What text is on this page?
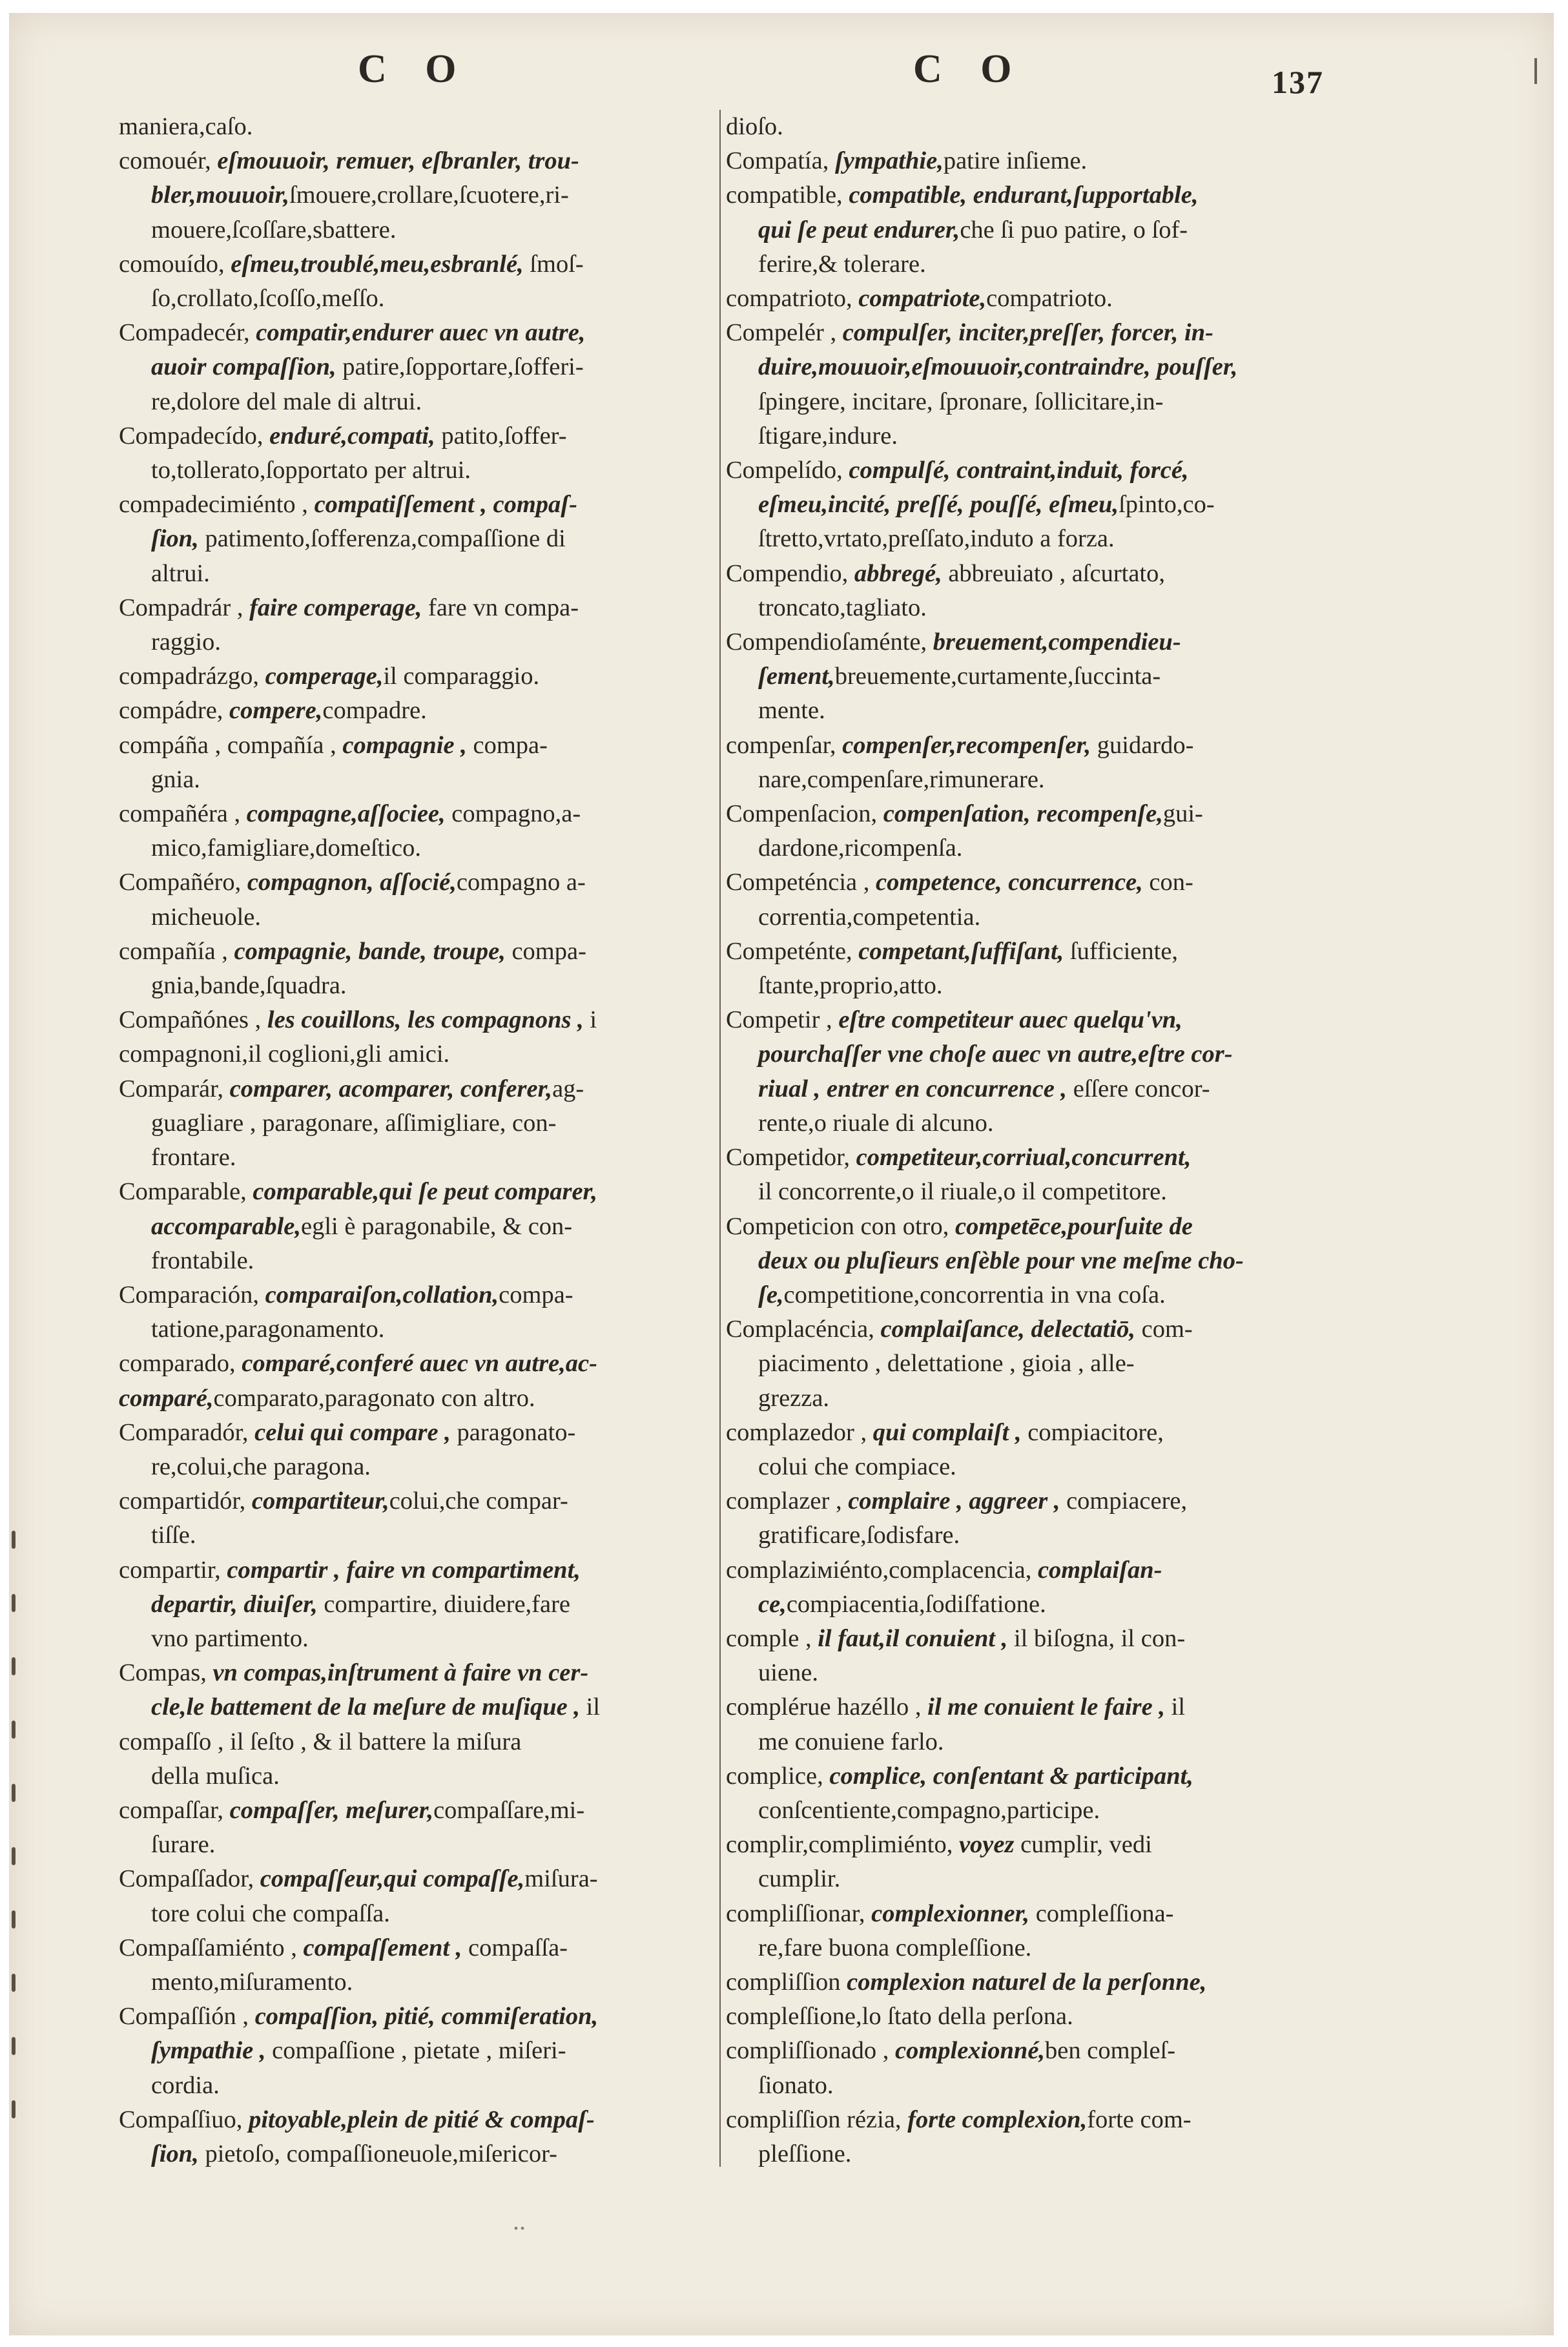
C O	C O	137
maniera,caſo.
comouér, eſmouuoir, remuer, eſbranler, trou-
bler,mouuoir,ſmouere,crollare,ſcuotere,ri-
mouere,ſcoſſare,sbattere.
comouído, eſmeu,troublé,meu,esbranlé, ſmoſ-
ſo,crollato,ſcoſſo,meſſo.
Compadecér, compatir,endurer auec vn autre,
auoir compaſſion, patire,ſopportare,ſofferi-
re,dolore del male di altrui.
Compadecído, enduré,compati, patito,ſoffer-
to,tollerato,ſopportato per altrui.
compadecimiénto , compatiſſement , compaſ-
ſion, patimento,ſofferenza,compaſſione di
altrui.
Compadrár , faire comperage, fare vn compa-
raggio.
compadrázgo, comperage,il comparaggio.
compádre, compere,compadre.
compáña , compañía , compagnie , compa-
gnia.
compañéra , compagne,aſſociee, compagno,a-
mico,famigliare,domeſtico.
Compañéro, compagnon, aſſocié,compagno a-
micheuole.
compañía , compagnie, bande, troupe, compa-
gnia,bande,ſquadra.
Compañónes , les couillons, les compagnons , i
compagnoni,il coglioni,gli amici.
Comparár, comparer, acomparer, conferer,ag-
guagliare , paragonare, aſſimigliare, con-
frontare.
Comparable, comparable,qui ſe peut comparer,
accomparable,egli è paragonabile, & con-
frontabile.
Comparación, comparaiſon,collation,compa-
tatione,paragonamento.
comparado, comparé,conferé auec vn autre,ac-
comparé,comparato,paragonato con altro.
Comparadór, celui qui compare , paragonato-
re,colui,che paragona.
compartidór, compartiteur,colui,che compar-
tiſſe.
compartir, compartir , faire vn compartiment,
departir, diuiſer, compartire, diuidere,fare
vno partimento.
Compas, vn compas,inſtrument à faire vn cer-
cle,le battement de la meſure de muſique , il
compaſſo , il ſeſto , & il battere la miſura
della muſica.
compaſſar, compaſſer, meſurer,compaſſare,mi-
ſurare.
Compaſſador, compaſſeur,qui compaſſe,miſura-
tore colui che compaſſa.
Compaſſamiénto , compaſſement , compaſſa-
mento,miſuramento.
Compaſſión , compaſſion, pitié, commiſeration,
ſympathie , compaſſione , pietate , miſeri-
cordia.
Compaſſiuo, pitoyable,plein de pitié & compaſ-
ſion, pietoſo, compaſſioneuole,miſericor-
dioſo.
Compatía, ſympathie,patire inſieme.
compatible, compatible, endurant,ſupportable,
qui ſe peut endurer,che ſi puo patire, o ſof-
ferire,& tolerare.
compatrioto, compatriote,compatrioto.
Compelér , compulſer, inciter,preſſer, forcer, in-
duire,mouuoir,eſmouuoir,contraindre, pouſſer,
ſpingere, incitare, ſpronare, ſollicitare,in-
ſtigare,indure.
Compelído, compulſé, contraint,induit, forcé,
eſmeu,incité, preſſé, pouſſé, eſmeu,ſpinto,co-
ſtretto,vrtato,preſſato,induto a forza.
Compendio, abbregé, abbreuiato , aſcurtato,
troncato,tagliato.
Compendioſaménte, breuement,compendieu-
ſement,breuemente,curtamente,ſuccinta-
mente.
compenſar, compenſer,recompenſer, guidardo-
nare,compenſare,rimunerare.
Compenſacion, compenſation, recompenſe,gui-
dardone,ricompenſa.
Competéncia , competence, concurrence, con-
correntia,competentia.
Competénte, competant,ſuffiſant, ſufficiente,
ſtante,proprio,atto.
Competir , eſtre competiteur auec quelqu'vn,
pourchaſſer vne choſe auec vn autre,eſtre cor-
riual , entrer en concurrence , eſſere concor-
rente,o riuale di alcuno.
Competidor, competiteur,corriual,concurrent,
il concorrente,o il riuale,o il competitore.
Competicion con otro, competēce,pourſuite de
deux ou pluſieurs enſèble pour vne meſme cho-
ſe,competitione,concorrentia in vna coſa.
Complacéncia, complaiſance, delectatiō, com-
piacimento , delettatione , gioia , alle-
grezza.
complazedor , qui complaiſt , compiacitore,
colui che compiace.
complazer , complaire , aggreer , compiacere,
gratificare,ſodisfare.
complaziміénto,complacencia, complaiſan-
ce,compiacentia,ſodiſfatione.
comple , il faut,il conuient , il biſogna, il con-
uiene.
complérue hazéllo , il me conuient le faire , il
me conuiene farlo.
complice, complice, conſentant & participant,
conſcentiente,compagno,participe.
complir,complimiénto, voyez cumplir, vedi
cumplir.
compliſſionar, complexionner, compleſſiona-
re,fare buona compleſſione.
compliſſion complexion naturel de la perſonne,
compleſſione,lo ſtato della perſona.
compliſſionado , complexionné,ben compleſ-
ſionato.
compliſſion rézia, forte complexion,forte com-
pleſſione.
..
